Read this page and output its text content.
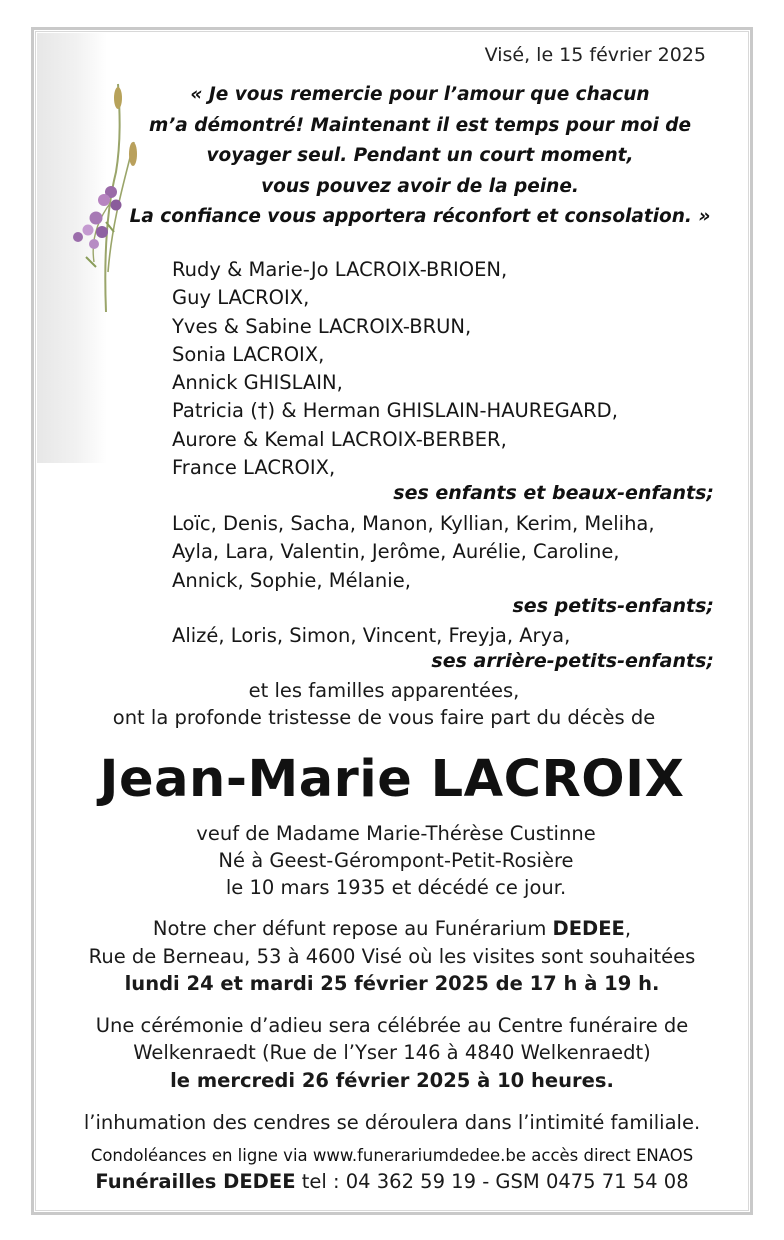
Visé, le 15 février 2025
« Je vous remercie pour l’amour que chacun
m’a démontré! Maintenant il est temps pour moi de
voyager seul. Pendant un court moment,
vous pouvez avoir de la peine.
La confiance vous apportera réconfort et consolation. »
Rudy & Marie-Jo LACROIX-BRIOEN,
Guy LACROIX,
Yves & Sabine LACROIX-BRUN,
Sonia LACROIX,
Annick GHISLAIN,
Patricia (†) & Herman GHISLAIN-HAUREGARD,
Aurore & Kemal LACROIX-BERBER,
France LACROIX,
ses enfants et beaux-enfants;
Loïc, Denis, Sacha, Manon, Kyllian, Kerim, Meliha,
Ayla, Lara, Valentin, Jerôme, Aurélie, Caroline,
Annick, Sophie, Mélanie,
ses petits-enfants;
Alizé, Loris, Simon, Vincent, Freyja, Arya,
ses arrière-petits-enfants;
et les familles apparentées,
ont la profonde tristesse de vous faire part du décès de
Jean-Marie LACROIX
veuf de Madame Marie-Thérèse Custinne
Né à Geest-Gérompont-Petit-Rosière
le 10 mars 1935 et décédé ce jour.
Notre cher défunt repose au Funérarium DEDEE,
Rue de Berneau, 53 à 4600 Visé où les visites sont souhaitées
lundi 24 et mardi 25 février 2025 de 17 h à 19 h.
Une cérémonie d’adieu sera célébrée au Centre funéraire de
Welkenraedt (Rue de l’Yser 146 à 4840 Welkenraedt)
le mercredi 26 février 2025 à 10 heures.
l’inhumation des cendres se déroulera dans l’intimité familiale.
Condoléances en ligne via www.funerariumdedee.be accès direct ENAOS
Funérailles DEDEE tel : 04 362 59 19 - GSM 0475 71 54 08
